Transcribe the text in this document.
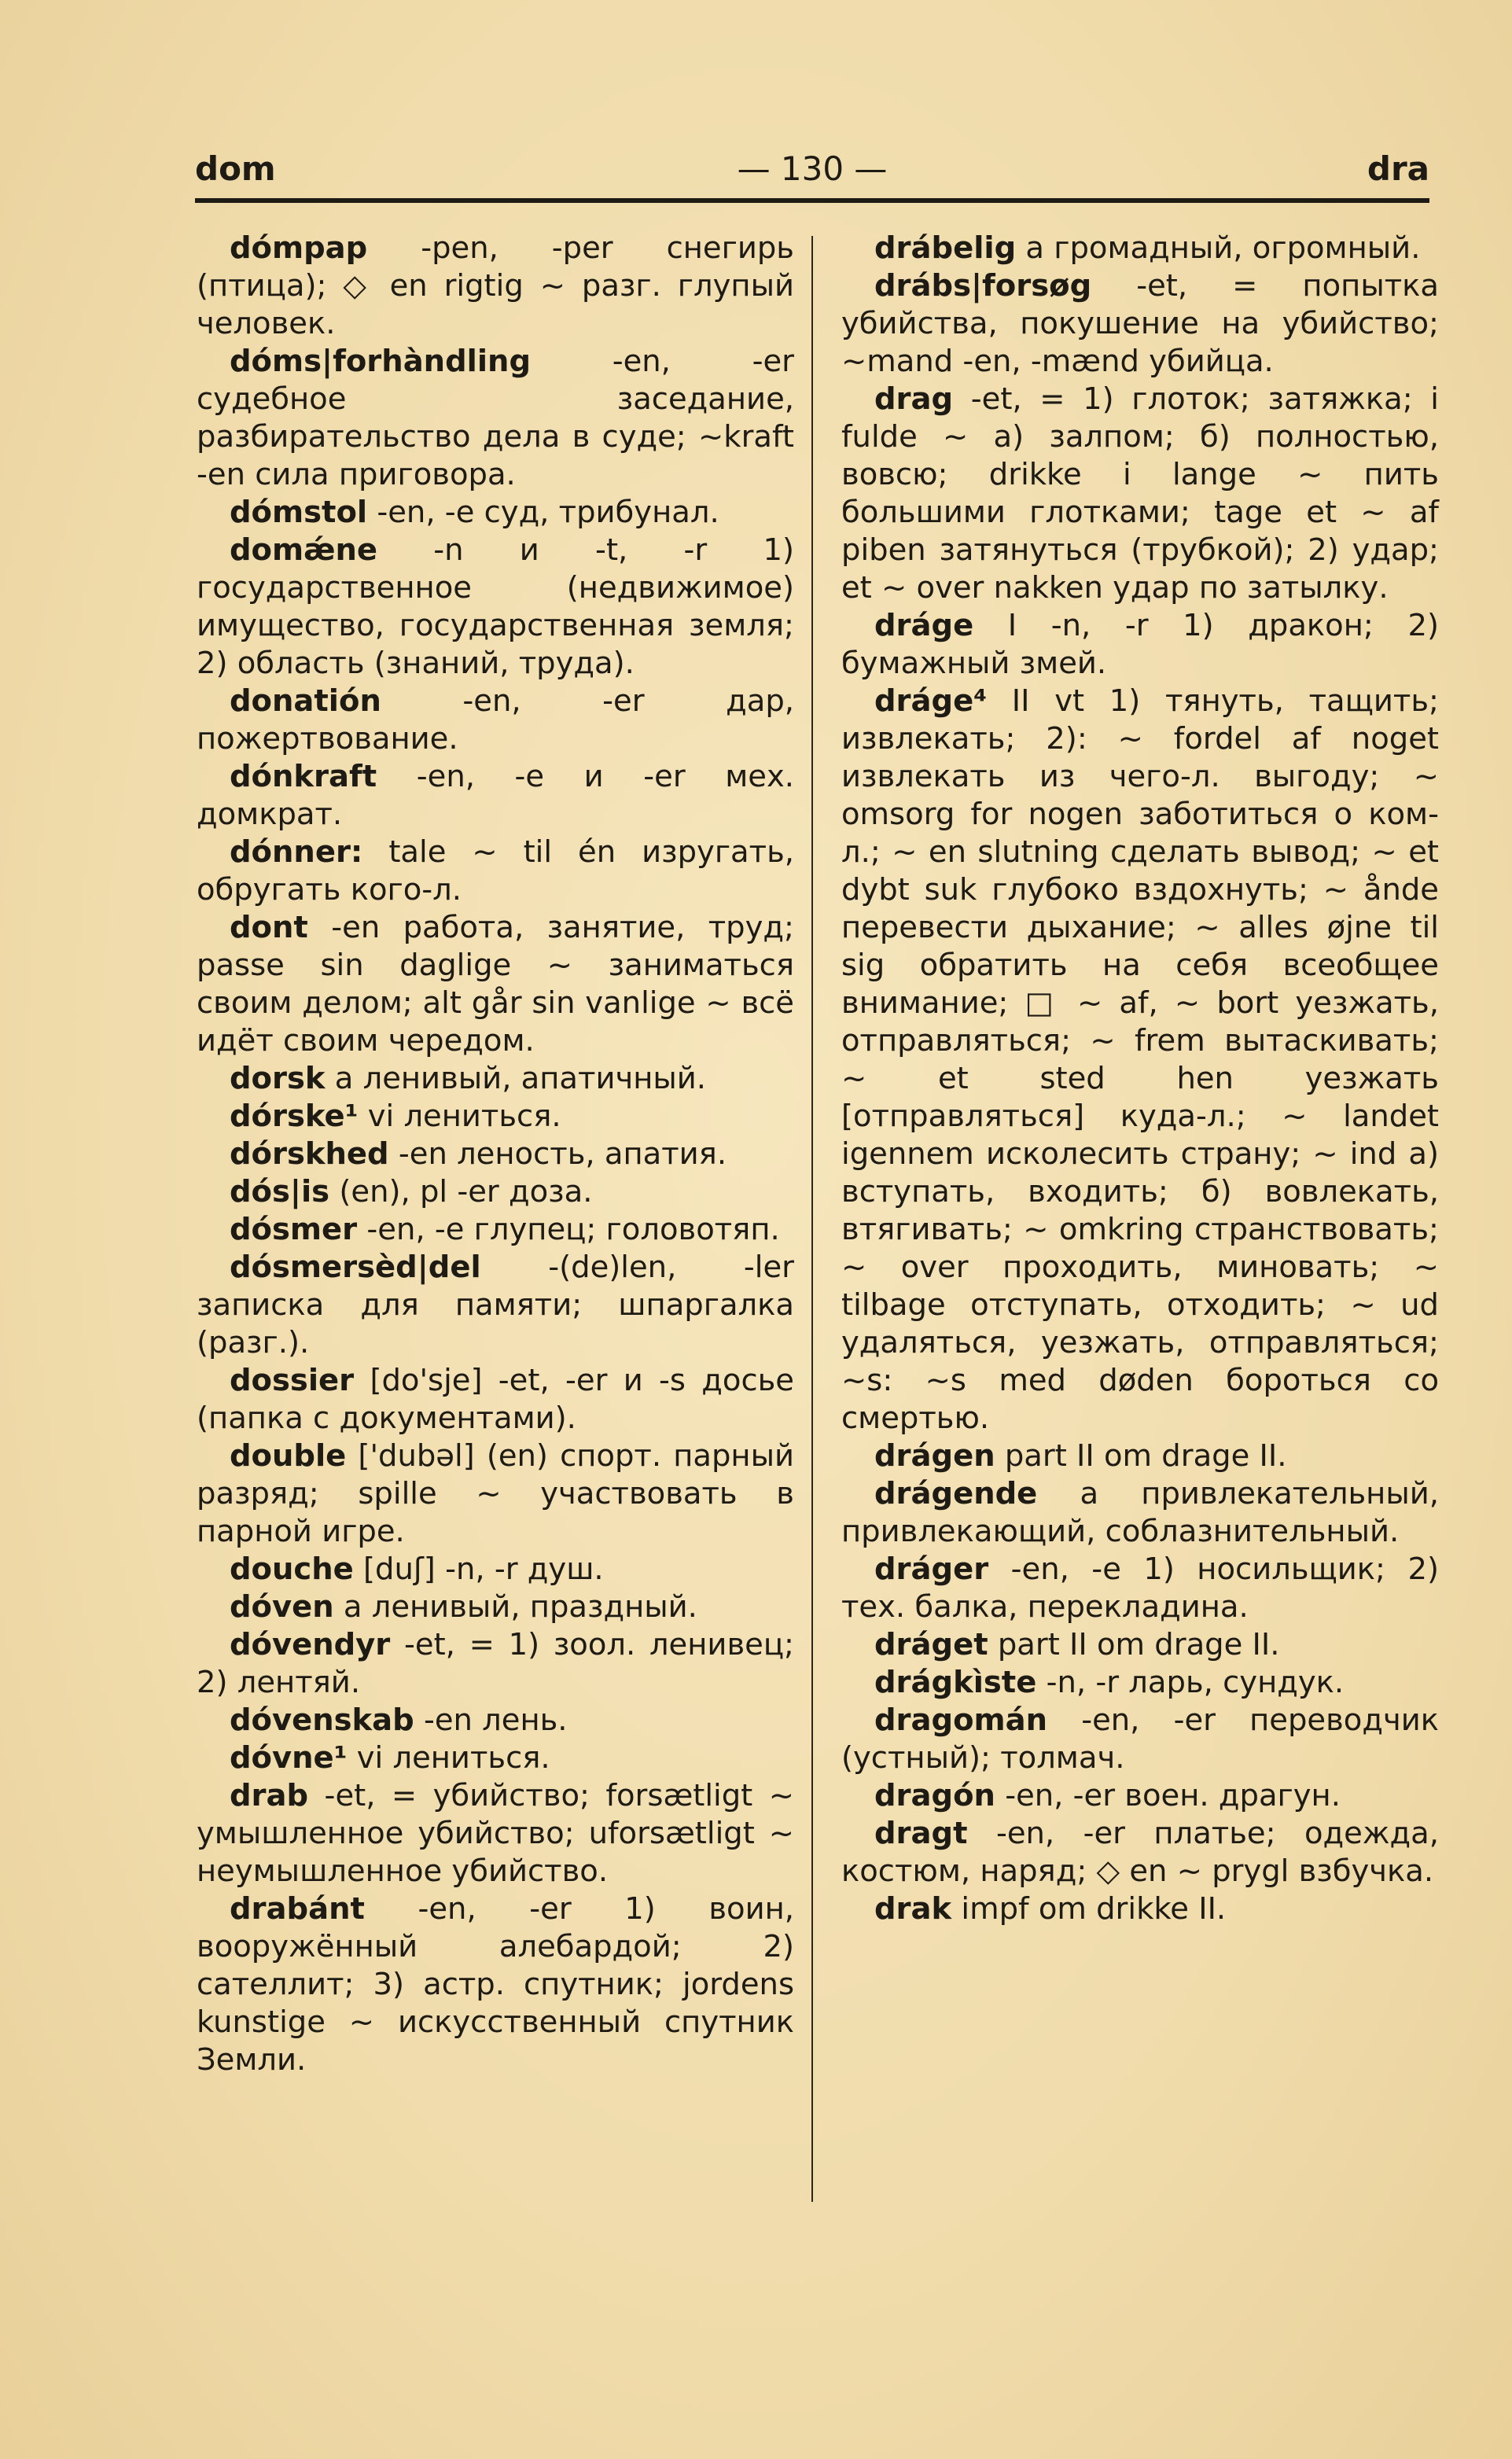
— 130 —
dom	dra

dómpap -pen, -per снегирь (птица); ◇ en rigtig ~ разг. глупый человек.

dóms|forhàndling	-en, -er судебное заседание, разбирательство дела в суде; ~kraft -en сила приговора.

dómstol -en, -e суд, трибунал.

domǽne -n и -t, -r 1) государственное (недвижимое) имущество, государственная земля; 2) область (знаний, труда).

donatión	-en, -er дар, пожертвование.

dónkraft -en, -e и -er мех. домкрат.

dónner: tale ~ til én изругать, обругать кого-л.

dont -en работа, занятие, труд; passe sin daglige ~ заниматься своим делом; alt går sin vanlige ~ всё идёт своим чередом.

dorsk a ленивый, апатичный.

dórske¹ vi лениться.

dórskhed -en леность, апатия.

dós|is (en), pl -er доза.

dósmer -en, -e глупец; головотяп.

dósmersèd|del -(de)len, -ler записка для памяти; шпаргалка (разг.).

dossier [do'sje] -et, -er и -s досье (папка с документами).

double ['dubəl] (en) спорт. парный разряд; spille ~ участвовать в парной игре.

douche [duʃ] -n, -r душ.

dóven a ленивый, праздный.

dóvendyr -et, = 1) зоол. ленивец; 2) лентяй.

dóvenskab -en лень.

dóvne¹ vi лениться.

drab -et, = убийство; forsætligt ~ умышленное убийство; uforsætligt ~ неумышленное убийство.

drabánt -en, -er 1) воин, вооружённый алебардой; 2) сателлит; 3) астр. спутник; jordens kunstige ~ искусственный спутник Земли.

drábelig a громадный, огромный.

drábs|forsøg -et, = попытка убийства, покушение на убийство; ~mand -en, -mænd убийца.

drag -et, = 1) глоток; затяжка; i fulde ~ а) залпом; б) полностью, вовсю; drikke i lange ~ пить большими глотками; tage et ~ af piben затянуться (трубкой); 2) удар; et ~ over nakken удар по затылку.

dráge I -n, -r 1) дракон; 2) бумажный змей.

dráge⁴ II vt 1) тянуть, тащить; извлекать; 2): ~ fordel af noget извлекать из чего-л. выгоду; ~ omsorg for nogen заботиться о ком-л.; ~ en slutning сделать вывод; ~ et dybt suk глубоко вздохнуть; ~ ånde перевести дыхание; ~ alles øjne til sig обратить на себя всеобщее внимание; □ ~ af, ~ bort уезжать, отправляться; ~ frem вытаскивать; ~ et sted hen уезжать [отправляться] куда-л.; ~ landet igennem исколесить страну; ~ ind а) вступать, входить; б) вовлекать, втягивать; ~ omkring странствовать; ~ over проходить, миновать; ~ tilbage отступать, отходить; ~ ud удаляться, уезжать, отправляться; ~s: ~s med døden бороться со смертью.

drágen part II om drage II.

drágende a привлекательный, привлекающий, соблазнительный.

dráger -en, -e 1) носильщик; 2) тех. балка, перекладина.

dráget part II om drage II.

drágkìste -n, -r ларь, сундук.

dragomán -en, -er переводчик (устный); толмач.

dragón -en, -er воен. драгун.

dragt -en, -er платье; одежда, костюм, наряд; ◇ en ~ prygl взбучка.

drak impf om drikke II.
